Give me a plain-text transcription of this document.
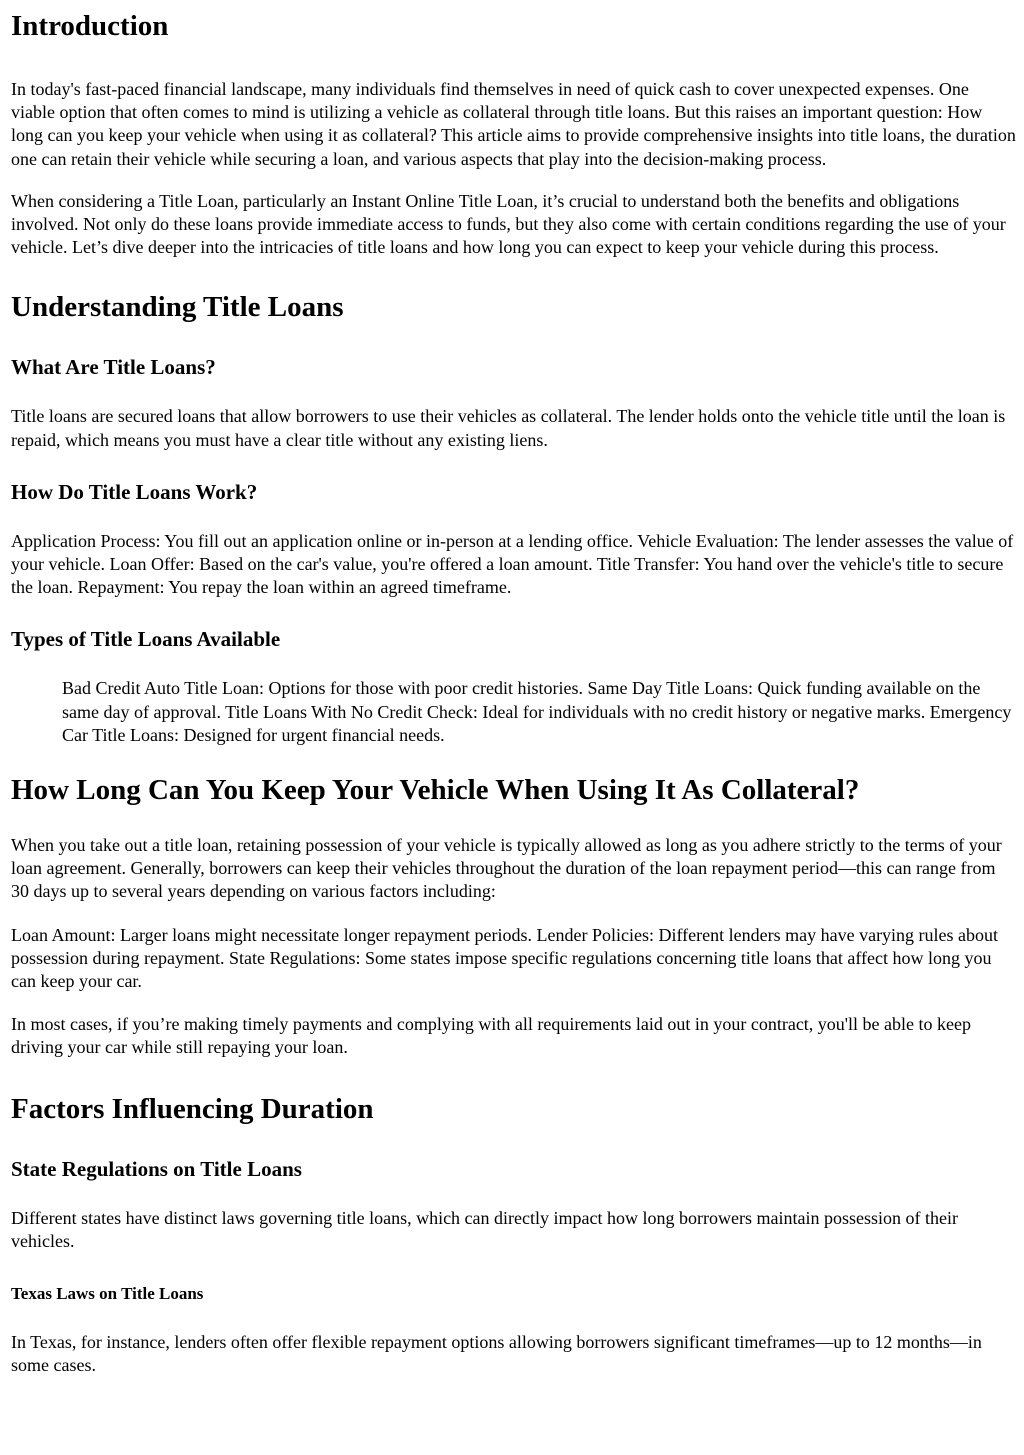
Introduction

In today's fast-paced financial landscape, many individuals find themselves in need of quick cash to cover unexpected expenses. One viable option that often comes to mind is utilizing a vehicle as collateral through title loans. But this raises an important question: How long can you keep your vehicle when using it as collateral? This article aims to provide comprehensive insights into title loans, the duration one can retain their vehicle while securing a loan, and various aspects that play into the decision-making process.

When considering a Title Loan, particularly an Instant Online Title Loan, it’s crucial to understand both the benefits and obligations involved. Not only do these loans provide immediate access to funds, but they also come with certain conditions regarding the use of your vehicle. Let’s dive deeper into the intricacies of title loans and how long you can expect to keep your vehicle during this process.

Understanding Title Loans
What Are Title Loans?

Title loans are secured loans that allow borrowers to use their vehicles as collateral. The lender holds onto the vehicle title until the loan is repaid, which means you must have a clear title without any existing liens.

How Do Title Loans Work?

Application Process: You fill out an application online or in-person at a lending office. Vehicle Evaluation: The lender assesses the value of your vehicle. Loan Offer: Based on the car's value, you're offered a loan amount. Title Transfer: You hand over the vehicle's title to secure the loan. Repayment: You repay the loan within an agreed timeframe.

Types of Title Loans Available

Bad Credit Auto Title Loan: Options for those with poor credit histories. Same Day Title Loans: Quick funding available on the same day of approval. Title Loans With No Credit Check: Ideal for individuals with no credit history or negative marks. Emergency Car Title Loans: Designed for urgent financial needs.

How Long Can You Keep Your Vehicle When Using It As Collateral?

When you take out a title loan, retaining possession of your vehicle is typically allowed as long as you adhere strictly to the terms of your loan agreement. Generally, borrowers can keep their vehicles throughout the duration of the loan repayment period—this can range from 30 days up to several years depending on various factors including:

Loan Amount: Larger loans might necessitate longer repayment periods. Lender Policies: Different lenders may have varying rules about possession during repayment. State Regulations: Some states impose specific regulations concerning title loans that affect how long you can keep your car.

In most cases, if you’re making timely payments and complying with all requirements laid out in your contract, you'll be able to keep driving your car while still repaying your loan.

Factors Influencing Duration
State Regulations on Title Loans

Different states have distinct laws governing title loans, which can directly impact how long borrowers maintain possession of their vehicles.

Texas Laws on Title Loans

In Texas, for instance, lenders often offer flexible repayment options allowing borrowers significant timeframes—up to 12 months—in some cases.
